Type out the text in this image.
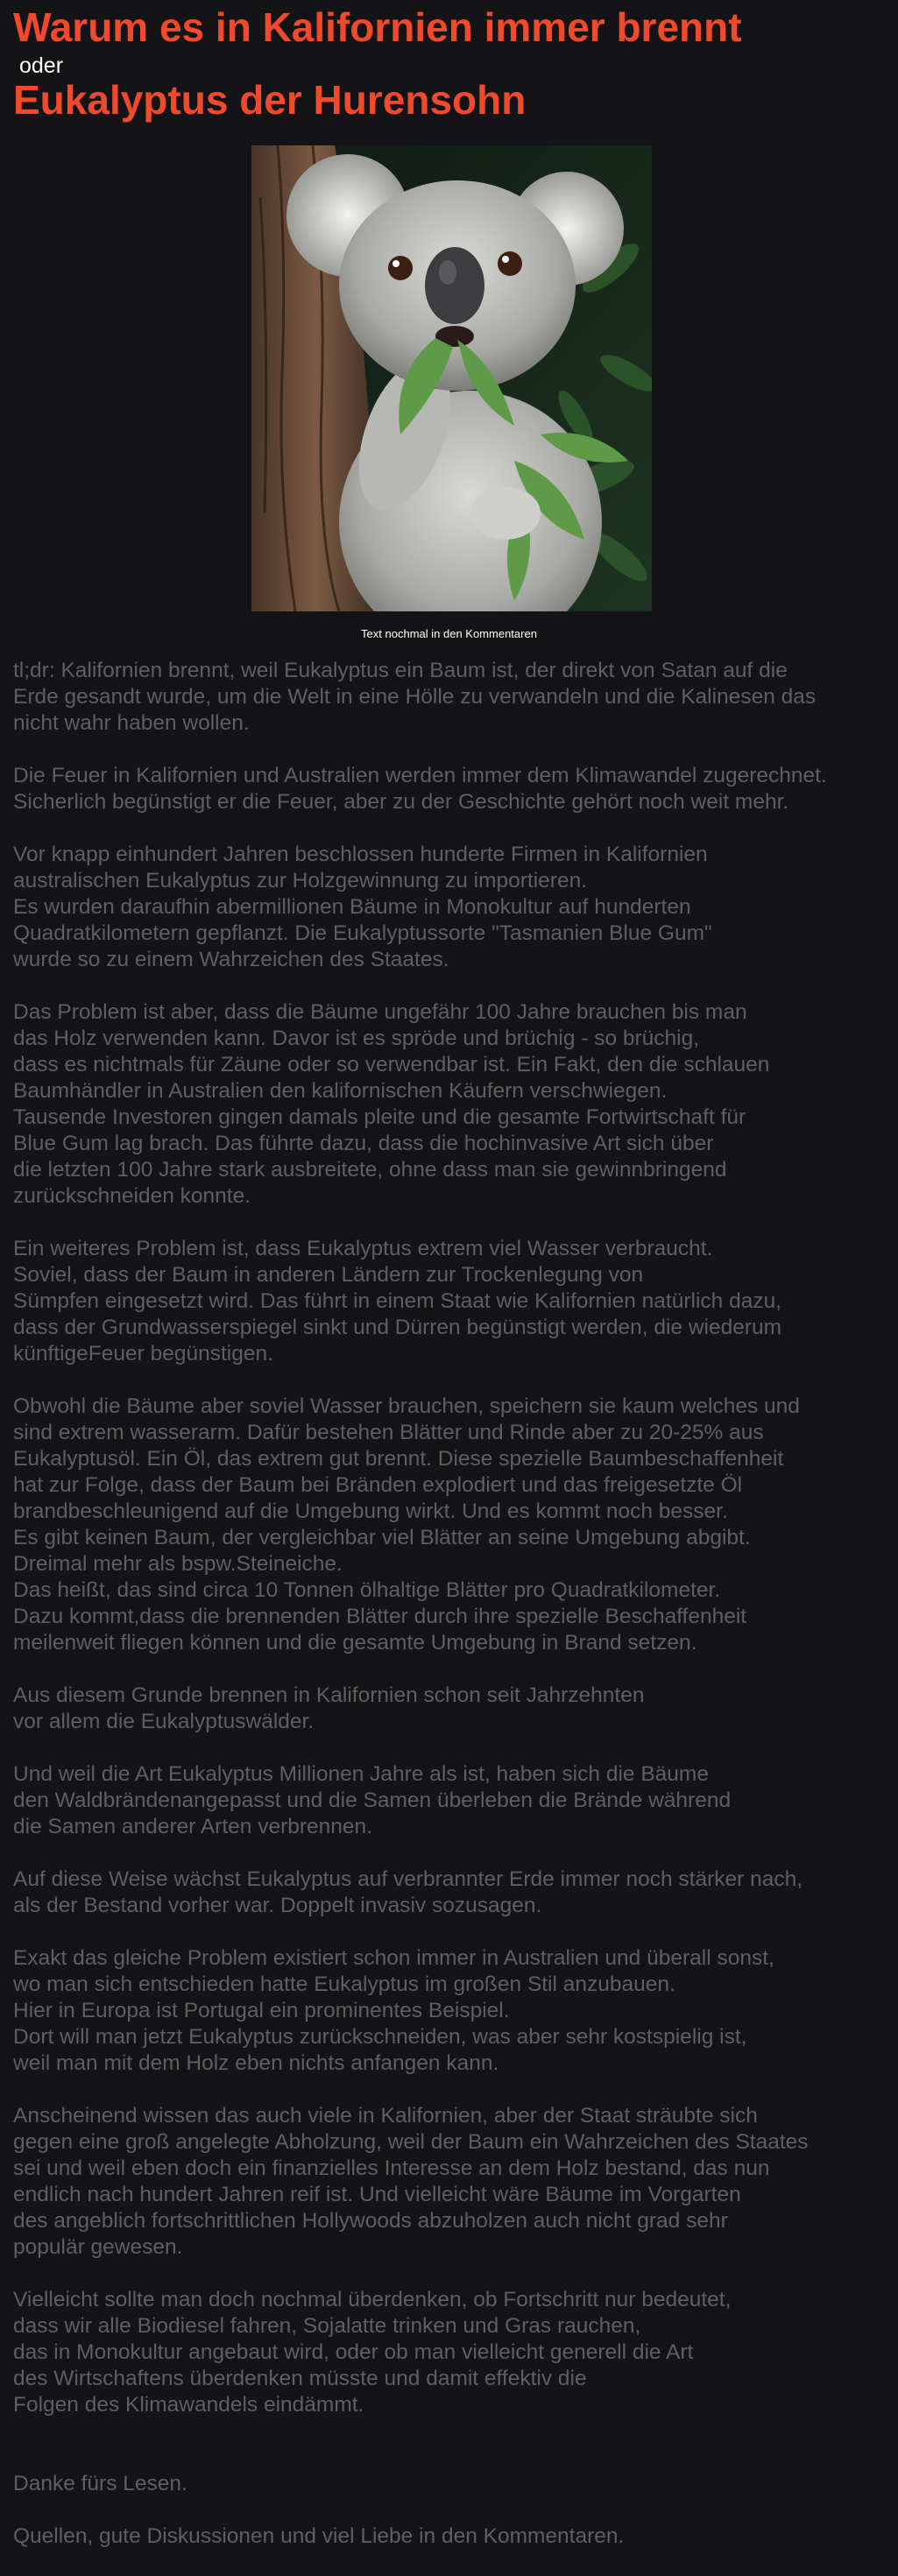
Warum es in Kalifornien immer brennt
oder
Eukalyptus der Hurensohn
Text nochmal in den Kommentaren
tl;dr: Kalifornien brennt, weil Eukalyptus ein Baum ist, der direkt von Satan auf die
Erde gesandt wurde, um die Welt in eine Hölle zu verwandeln und die Kalinesen das
nicht wahr haben wollen.
Die Feuer in Kalifornien und Australien werden immer dem Klimawandel zugerechnet.
Sicherlich begünstigt er die Feuer, aber zu der Geschichte gehört noch weit mehr.
Vor knapp einhundert Jahren beschlossen hunderte Firmen in Kalifornien
australischen Eukalyptus zur Holzgewinnung zu importieren.
Es wurden daraufhin abermillionen Bäume in Monokultur auf hunderten
Quadratkilometern gepflanzt. Die Eukalyptussorte "Tasmanien Blue Gum"
wurde so zu einem Wahrzeichen des Staates.
Das Problem ist aber, dass die Bäume ungefähr 100 Jahre brauchen bis man
das Holz verwenden kann. Davor ist es spröde und brüchig - so brüchig,
dass es nichtmals für Zäune oder so verwendbar ist. Ein Fakt, den die schlauen
Baumhändler in Australien den kalifornischen Käufern verschwiegen.
Tausende Investoren gingen damals pleite und die gesamte Fortwirtschaft für
Blue Gum lag brach. Das führte dazu, dass die hochinvasive Art sich über
die letzten 100 Jahre stark ausbreitete, ohne dass man sie gewinnbringend
zurückschneiden konnte.
Ein weiteres Problem ist, dass Eukalyptus extrem viel Wasser verbraucht.
Soviel, dass der Baum in anderen Ländern zur Trockenlegung von
Sümpfen eingesetzt wird. Das führt in einem Staat wie Kalifornien natürlich dazu,
dass der Grundwasserspiegel sinkt und Dürren begünstigt werden, die wiederum
künftigeFeuer begünstigen.
Obwohl die Bäume aber soviel Wasser brauchen, speichern sie kaum welches und
sind extrem wasserarm. Dafür bestehen Blätter und Rinde aber zu 20-25% aus
Eukalyptusöl. Ein Öl, das extrem gut brennt. Diese spezielle Baumbeschaffenheit
hat zur Folge, dass der Baum bei Bränden explodiert und das freigesetzte Öl
brandbeschleunigend auf die Umgebung wirkt. Und es kommt noch besser.
Es gibt keinen Baum, der vergleichbar viel Blätter an seine Umgebung abgibt.
Dreimal mehr als bspw.Steineiche.
Das heißt, das sind circa 10 Tonnen ölhaltige Blätter pro Quadratkilometer.
Dazu kommt,dass die brennenden Blätter durch ihre spezielle Beschaffenheit
meilenweit fliegen können und die gesamte Umgebung in Brand setzen.
Aus diesem Grunde brennen in Kalifornien schon seit Jahrzehnten
vor allem die Eukalyptuswälder.
Und weil die Art Eukalyptus Millionen Jahre als ist, haben sich die Bäume
den Waldbrändenangepasst und die Samen überleben die Brände während
die Samen anderer Arten verbrennen.
Auf diese Weise wächst Eukalyptus auf verbrannter Erde immer noch stärker nach,
als der Bestand vorher war. Doppelt invasiv sozusagen.
Exakt das gleiche Problem existiert schon immer in Australien und überall sonst,
wo man sich entschieden hatte Eukalyptus im großen Stil anzubauen.
Hier in Europa ist Portugal ein prominentes Beispiel.
Dort will man jetzt Eukalyptus zurückschneiden, was aber sehr kostspielig ist,
weil man mit dem Holz eben nichts anfangen kann.
Anscheinend wissen das auch viele in Kalifornien, aber der Staat sträubte sich
gegen eine groß angelegte Abholzung, weil der Baum ein Wahrzeichen des Staates
sei und weil eben doch ein finanzielles Interesse an dem Holz bestand, das nun
endlich nach hundert Jahren reif ist. Und vielleicht wäre Bäume im Vorgarten
des angeblich fortschrittlichen Hollywoods abzuholzen auch nicht grad sehr
populär gewesen.
Vielleicht sollte man doch nochmal überdenken, ob Fortschritt nur bedeutet,
dass wir alle Biodiesel fahren, Sojalatte trinken und Gras rauchen,
das in Monokultur angebaut wird, oder ob man vielleicht generell die Art
des Wirtschaftens überdenken müsste und damit effektiv die
Folgen des Klimawandels eindämmt.
Danke fürs Lesen.
Quellen, gute Diskussionen und viel Liebe in den Kommentaren.
